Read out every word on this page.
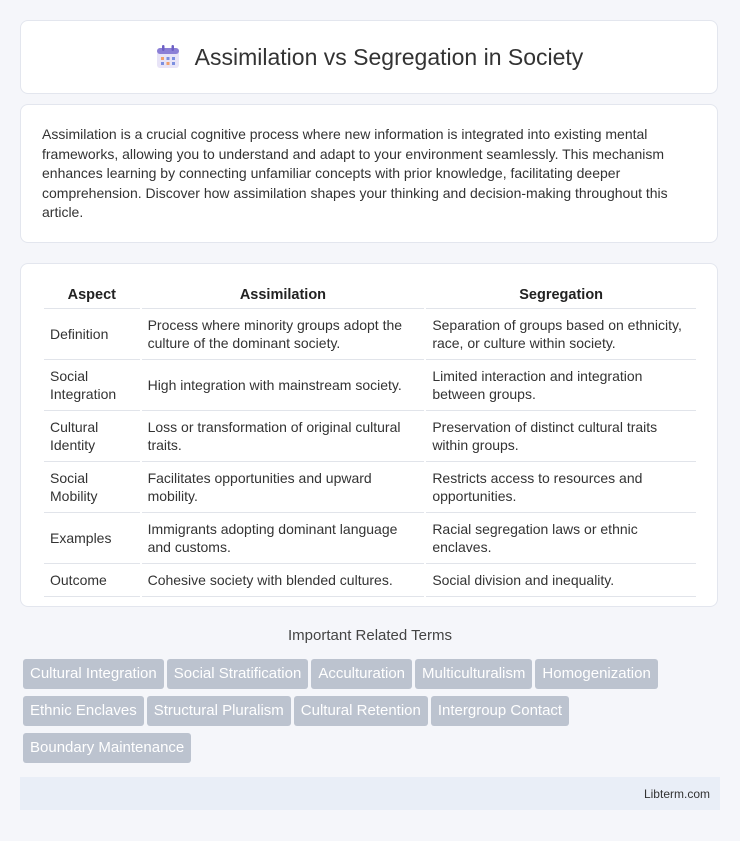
Assimilation vs Segregation in Society

Assimilation is a crucial cognitive process where new information is integrated into existing mental frameworks, allowing you to understand and adapt to your environment seamlessly. This mechanism enhances learning by connecting unfamiliar concepts with prior knowledge, facilitating deeper comprehension. Discover how assimilation shapes your thinking and decision-making throughout this article.

Aspect	Assimilation	Segregation
Definition	Process where minority groups adopt the culture of the dominant society.	Separation of groups based on ethnicity, race, or culture within society.
Social Integration	High integration with mainstream society.	Limited interaction and integration between groups.
Cultural Identity	Loss or transformation of original cultural traits.	Preservation of distinct cultural traits within groups.
Social Mobility	Facilitates opportunities and upward mobility.	Restricts access to resources and opportunities.
Examples	Immigrants adopting dominant language and customs.	Racial segregation laws or ethnic enclaves.
Outcome	Cohesive society with blended cultures.	Social division and inequality.
Important Related Terms
Cultural Integration Social Stratification Acculturation Multiculturalism HomogenizationEthnic Enclaves Structural Pluralism Cultural Retention Intergroup ContactBoundary Maintenance
Libterm.com
